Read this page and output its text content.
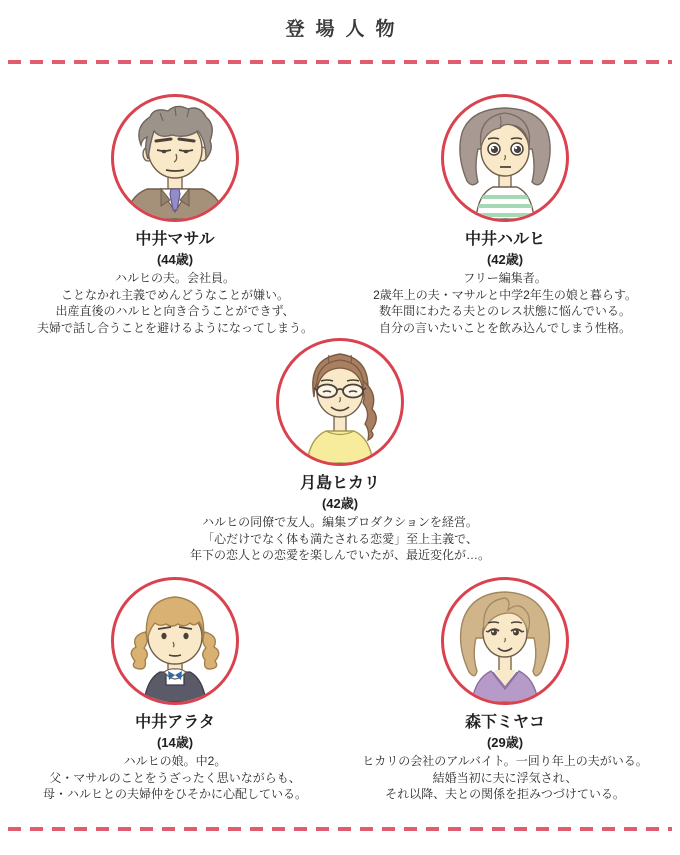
登場人物
中井マサル
(44歳)
ハルヒの夫。会社員。
ことなかれ主義でめんどうなことが嫌い。
出産直後のハルヒと向き合うことができず、
夫婦で話し合うことを避けるようになってしまう。
中井ハルヒ
(42歳)
フリー編集者。
2歳年上の夫・マサルと中学2年生の娘と暮らす。
数年間にわたる夫とのレス状態に悩んでいる。
自分の言いたいことを飲み込んでしまう性格。
月島ヒカリ
(42歳)
ハルヒの同僚で友人。編集プロダクションを経営。
「心だけでなく体も満たされる恋愛」至上主義で、
年下の恋人との恋愛を楽しんでいたが、最近変化が…。
中井アラタ
(14歳)
ハルヒの娘。中2。
父・マサルのことをうざったく思いながらも、
母・ハルヒとの夫婦仲をひそかに心配している。
森下ミヤコ
(29歳)
ヒカリの会社のアルバイト。一回り年上の夫がいる。
結婚当初に夫に浮気され、
それ以降、夫との関係を拒みつづけている。
